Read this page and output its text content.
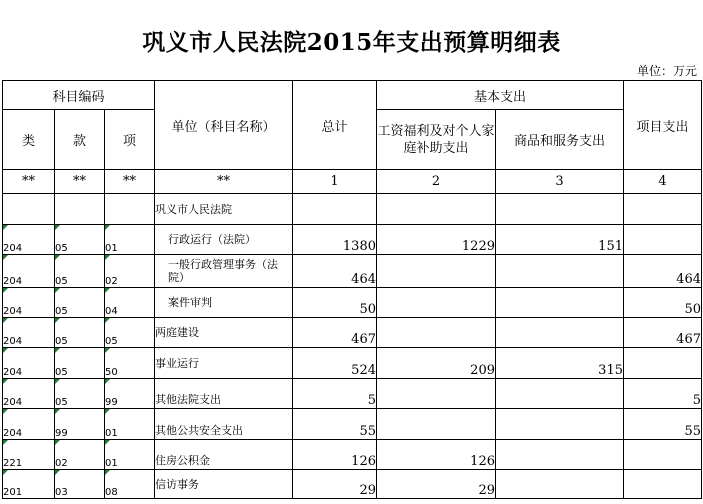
巩义市人民法院2015年支出预算明细表
单位：万元
科目编码			单位（科目名称）	总计	基本支出		项目支出
类	款	项			工资福利及对个人家庭补助支出	商品和服务支出	
**	**	**	**	1	2	3	4
			巩义市人民法院				
204	05	01	行政运行（法院）	1380	1229	151	
204	05	02	一般行政管理事务（法院）	464			464
204	05	04	案件审判	50			50
204	05	05	两庭建设	467			467
204	05	50	事业运行	524	209	315	
204	05	99	其他法院支出	5			5
204	99	01	其他公共安全支出	55			55
221	02	01	住房公积金	126	126		
201	03	08	信访事务	29	29		
